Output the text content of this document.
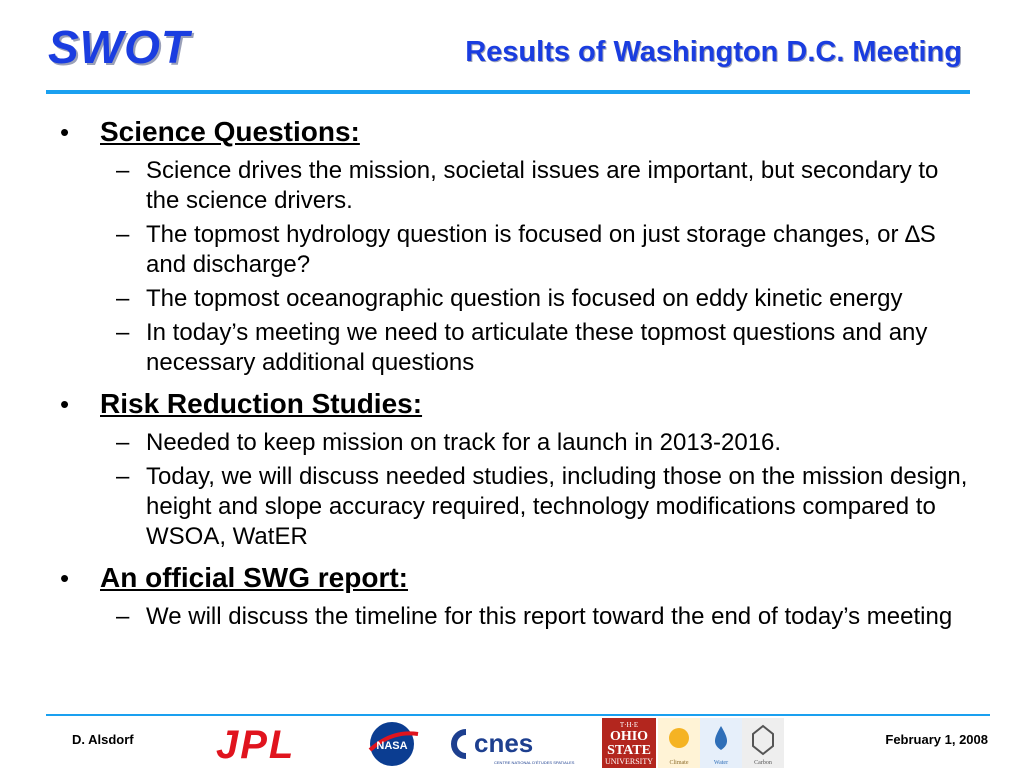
SWOT	Results of Washington D.C. Meeting
•	Science Questions:
– Science drives the mission, societal issues are important, but secondary to the science drivers.
– The topmost hydrology question is focused on just storage changes, or ∆S and discharge?
– The topmost oceanographic question is focused on eddy kinetic energy
– In today’s meeting we need to articulate these topmost questions and any necessary additional questions
•	Risk Reduction Studies:
– Needed to keep mission on track for a launch in 2013-2016.
– Today, we will discuss needed studies, including those on the mission design, height and slope accuracy required, technology modifications compared to WSOA, WatER
•	An official SWG report:
– We will discuss the timeline for this report toward the end of today’s meeting
D. Alsdorf	February 1, 2008
JPL	NASA	cnes
CENTRE NATIONAL D'ÉTUDES SPATIALES
T·H·E
OHIO
STATE
UNIVERSITY	Climate	Water	Carbon
